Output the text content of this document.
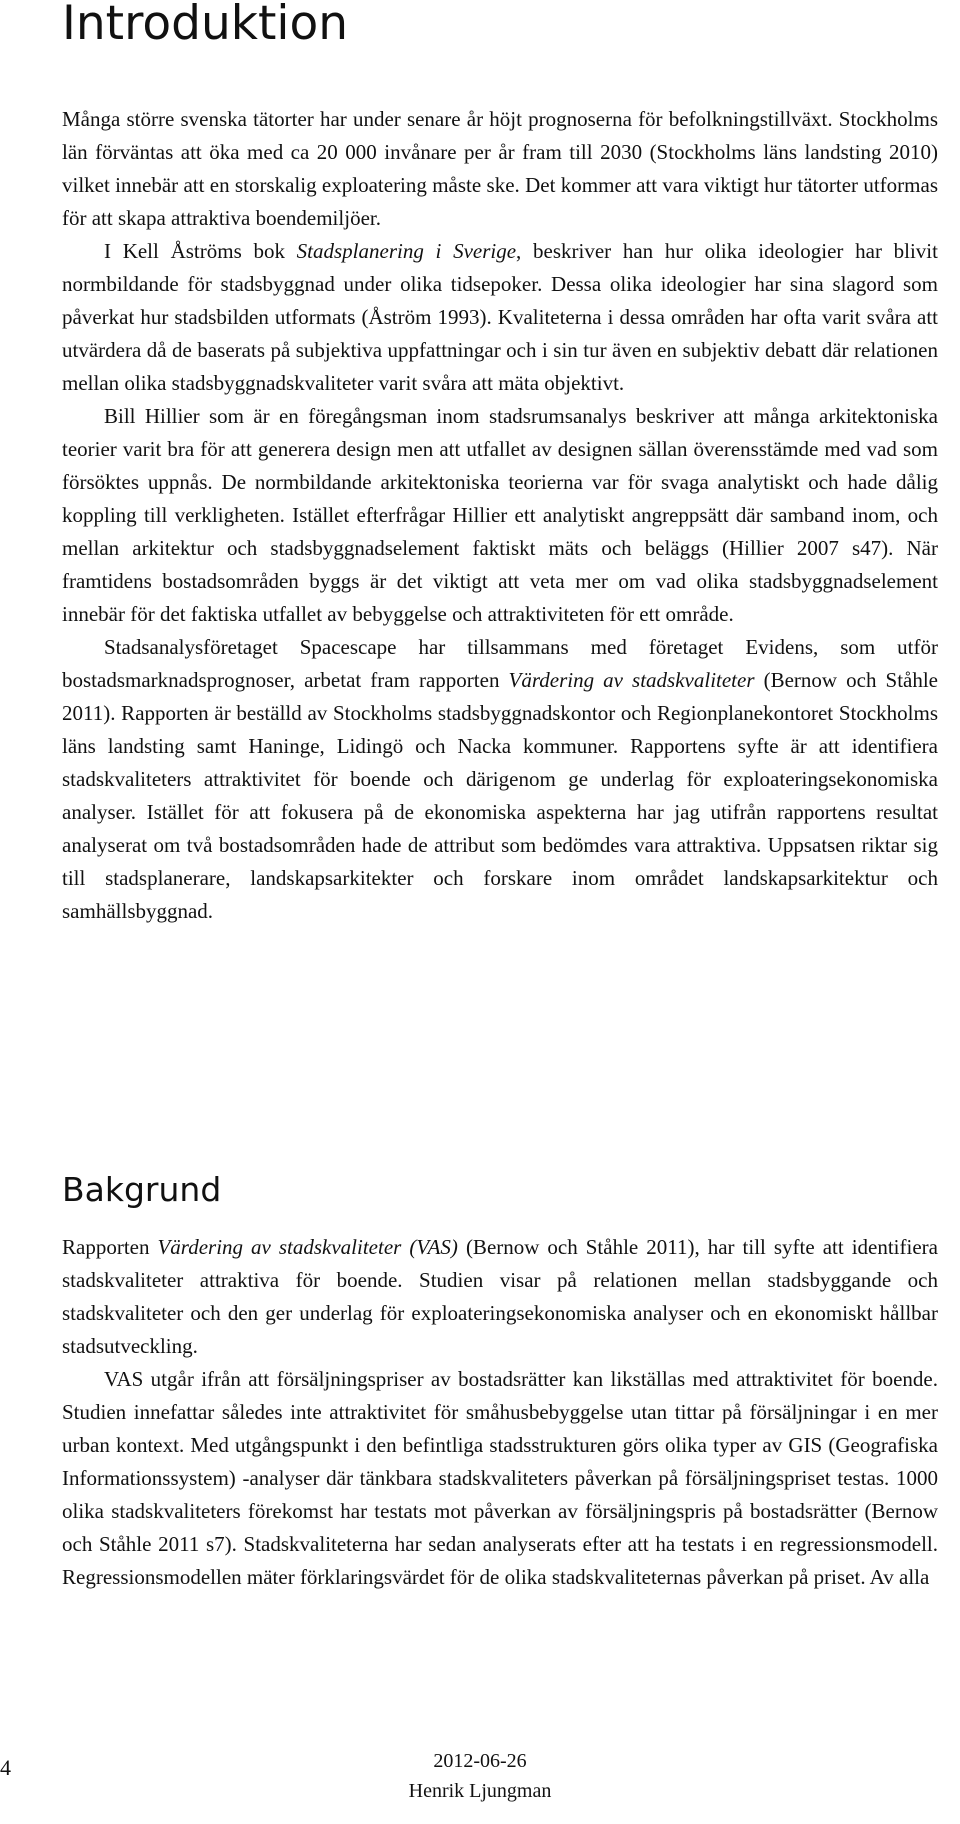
Introduktion

Många större svenska tätorter har under senare år höjt prognoserna för befolkningstillväxt. Stockholms län förväntas att öka med ca 20 000 invånare per år fram till 2030 (Stockholms läns landsting 2010) vilket innebär att en storskalig exploatering måste ske. Det kommer att vara viktigt hur tätorter utformas för att skapa attraktiva boendemiljöer.

I Kell Åströms bok Stadsplanering i Sverige, beskriver han hur olika ideologier har blivit normbildande för stadsbyggnad under olika tidsepoker. Dessa olika ideologier har sina slagord som påverkat hur stadsbilden utformats (Åström 1993). Kvaliteterna i dessa områden har ofta varit svåra att utvärdera då de baserats på subjektiva uppfattningar och i sin tur även en subjektiv debatt där relationen mellan olika stadsbyggnadskvaliteter varit svåra att mäta objektivt.

Bill Hillier som är en föregångsman inom stadsrumsanalys beskriver att många arkitektoniska teorier varit bra för att generera design men att utfallet av designen sällan överensstämde med vad som försöktes uppnås. De normbildande arkitektoniska teorierna var för svaga analytiskt och hade dålig koppling till verkligheten. Istället efterfrågar Hillier ett analytiskt angreppsätt där samband inom, och mellan arkitektur och stadsbyggnadselement faktiskt mäts och beläggs (Hillier 2007 s47). När framtidens bostadsområden byggs är det viktigt att veta mer om vad olika stadsbyggnadselement innebär för det faktiska utfallet av bebyggelse och attraktiviteten för ett område.

Stadsanalysföretaget Spacescape har tillsammans med företaget Evidens, som utför bostadsmarknadsprognoser, arbetat fram rapporten Värdering av stadskvaliteter (Bernow och Ståhle 2011). Rapporten är beställd av Stockholms stadsbyggnadskontor och Regionplanekontoret Stockholms läns landsting samt Haninge, Lidingö och Nacka kommuner. Rapportens syfte är att identifiera stadskvaliteters attraktivitet för boende och därigenom ge underlag för exploateringsekonomiska analyser. Istället för att fokusera på de ekonomiska aspekterna har jag utifrån rapportens resultat analyserat om två bostadsområden hade de attribut som bedömdes vara attraktiva. Uppsatsen riktar sig till stadsplanerare, landskapsarkitekter och forskare inom området landskapsarkitektur och samhällsbyggnad.

Bakgrund

Rapporten Värdering av stadskvaliteter (VAS) (Bernow och Ståhle 2011), har till syfte att identifiera stadskvaliteter attraktiva för boende. Studien visar på relationen mellan stadsbyggande och stadskvaliteter och den ger underlag för exploateringsekonomiska analyser och en ekonomiskt hållbar stadsutveckling.

VAS utgår ifrån att försäljningspriser av bostadsrätter kan likställas med attraktivitet för boende. Studien innefattar således inte attraktivitet för småhusbebyggelse utan tittar på försäljningar i en mer urban kontext. Med utgångspunkt i den befintliga stadsstrukturen görs olika typer av GIS (Geografiska Informationssystem) -analyser där tänkbara stadskvaliteters påverkan på försäljningspriset testas. 1000 olika stadskvaliteters förekomst har testats mot påverkan av försäljningspris på bostadsrätter (Bernow och Ståhle 2011 s7). Stadskvaliteterna har sedan analyserats efter att ha testats i en regressionsmodell. Regressionsmodellen mäter förklaringsvärdet för de olika stadskvaliteternas påverkan på priset. Av alla

4	2012-06-26
Henrik Ljungman
